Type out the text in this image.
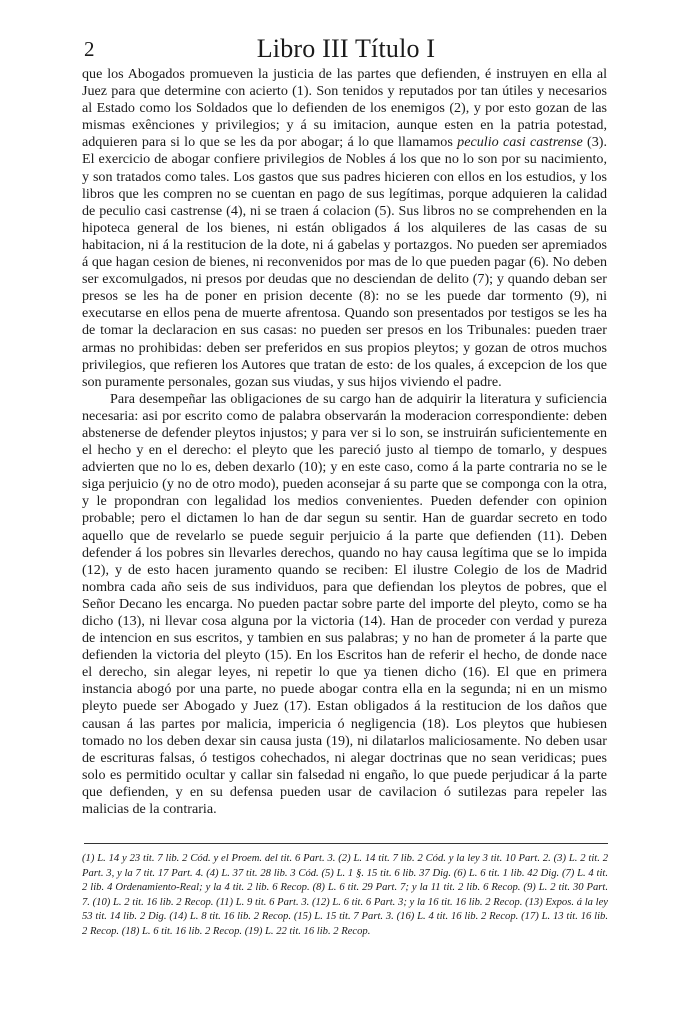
2	Libro III Título I

que los Abogados promueven la justicia de las partes que defienden, é instruyen en ella al Juez para que determine con acierto (1). Son tenidos y reputados por tan útiles y necesarios al Estado como los Soldados que lo defienden de los enemigos (2), y por esto gozan de las mismas exênciones y privilegios; y á su imitacion, aunque esten en la patria potestad, adquieren para si lo que se les da por abogar; á lo que llamamos peculio casi castrense (3). El exercicio de abogar confiere privilegios de Nobles á los que no lo son por su nacimiento, y son tratados como tales. Los gastos que sus padres hicieren con ellos en los estudios, y los libros que les compren no se cuentan en pago de sus legítimas, porque adquieren la calidad de peculio casi castrense (4), ni se traen á colacion (5). Sus libros no se comprehenden en la hipoteca general de los bienes, ni están obligados á los alquileres de las casas de su habitacion, ni á la restitucion de la dote, ni á gabelas y portazgos. No pueden ser apremiados á que hagan cesion de bienes, ni reconvenidos por mas de lo que pueden pagar (6). No deben ser excomulgados, ni presos por deudas que no desciendan de delito (7); y quando deban ser presos se les ha de poner en prision decente (8): no se les puede dar tormento (9), ni executarse en ellos pena de muerte afrentosa. Quando son presentados por testigos se les ha de tomar la declaracion en sus casas: no pueden ser presos en los Tribunales: pueden traer armas no prohibidas: deben ser preferidos en sus propios pleytos; y gozan de otros muchos privilegios, que refieren los Autores que tratan de esto: de los quales, á excepcion de los que son puramente personales, gozan sus viudas, y sus hijos viviendo el padre.

Para desempeñar las obligaciones de su cargo han de adquirir la literatura y suficiencia necesaria: asi por escrito como de palabra observarán la moderacion correspondiente: deben abstenerse de defender pleytos injustos; y para ver si lo son, se instruirán suficientemente en el hecho y en el derecho: el pleyto que les pareció justo al tiempo de tomarlo, y despues advierten que no lo es, deben dexarlo (10); y en este caso, como á la parte contraria no se le siga perjuicio (y no de otro modo), pueden aconsejar á su parte que se componga con la otra, y le propondran con legalidad los medios convenientes. Pueden defender con opinion probable; pero el dictamen lo han de dar segun su sentir. Han de guardar secreto en todo aquello que de revelarlo se puede seguir perjuicio á la parte que defienden (11). Deben defender á los pobres sin llevarles derechos, quando no hay causa legítima que se lo impida (12), y de esto hacen juramento quando se reciben: El ilustre Colegio de los de Madrid nombra cada año seis de sus individuos, para que defiendan los pleytos de pobres, que el Señor Decano les encarga. No pueden pactar sobre parte del importe del pleyto, como se ha dicho (13), ni llevar cosa alguna por la victoria (14). Han de proceder con verdad y pureza de intencion en sus escritos, y tambien en sus palabras; y no han de prometer á la parte que defienden la victoria del pleyto (15). En los Escritos han de referir el hecho, de donde nace el derecho, sin alegar leyes, ni repetir lo que ya tienen dicho (16). El que en primera instancia abogó por una parte, no puede abogar contra ella en la segunda; ni en un mismo pleyto puede ser Abogado y Juez (17). Estan obligados á la restitucion de los daños que causan á las partes por malicia, impericia ó negligencia (18). Los pleytos que hubiesen tomado no los deben dexar sin causa justa (19), ni dilatarlos maliciosamente. No deben usar de escrituras falsas, ó testigos cohechados, ni alegar doctrinas que no sean veridicas; pues solo es permitido ocultar y callar sin falsedad ni engaño, lo que puede perjudicar á la parte que defienden, y en su defensa pueden usar de cavilacion ó sutilezas para repeler las malicias de la contraria.

(1) L. 14 y 23 tit. 7 lib. 2 Cód. y el Proem. del tit. 6 Part. 3. (2) L. 14 tit. 7 lib. 2 Cód. y la ley 3 tit. 10 Part. 2. (3) L. 2 tit. 2 Part. 3, y la 7 tit. 17 Part. 4. (4) L. 37 tit. 28 lib. 3 Cód. (5) L. 1 §. 15 tit. 6 lib. 37 Dig. (6) L. 6 tit. 1 lib. 42 Dig. (7) L. 4 tit. 2 lib. 4 Ordenamiento-Real; y la 4 tit. 2 lib. 6 Recop. (8) L. 6 tit. 29 Part. 7; y la 11 tit. 2 lib. 6 Recop. (9) L. 2 tit. 30 Part. 7. (10) L. 2 tit. 16 lib. 2 Recop. (11) L. 9 tit. 6 Part. 3. (12) L. 6 tit. 6 Part. 3; y la 16 tit. 16 lib. 2 Recop. (13) Expos. á la ley 53 tit. 14 lib. 2 Dig. (14) L. 8 tit. 16 lib. 2 Recop. (15) L. 15 tit. 7 Part. 3. (16) L. 4 tit. 16 lib. 2 Recop. (17) L. 13 tit. 16 lib. 2 Recop. (18) L. 6 tit. 16 lib. 2 Recop. (19) L. 22 tit. 16 lib. 2 Recop.
